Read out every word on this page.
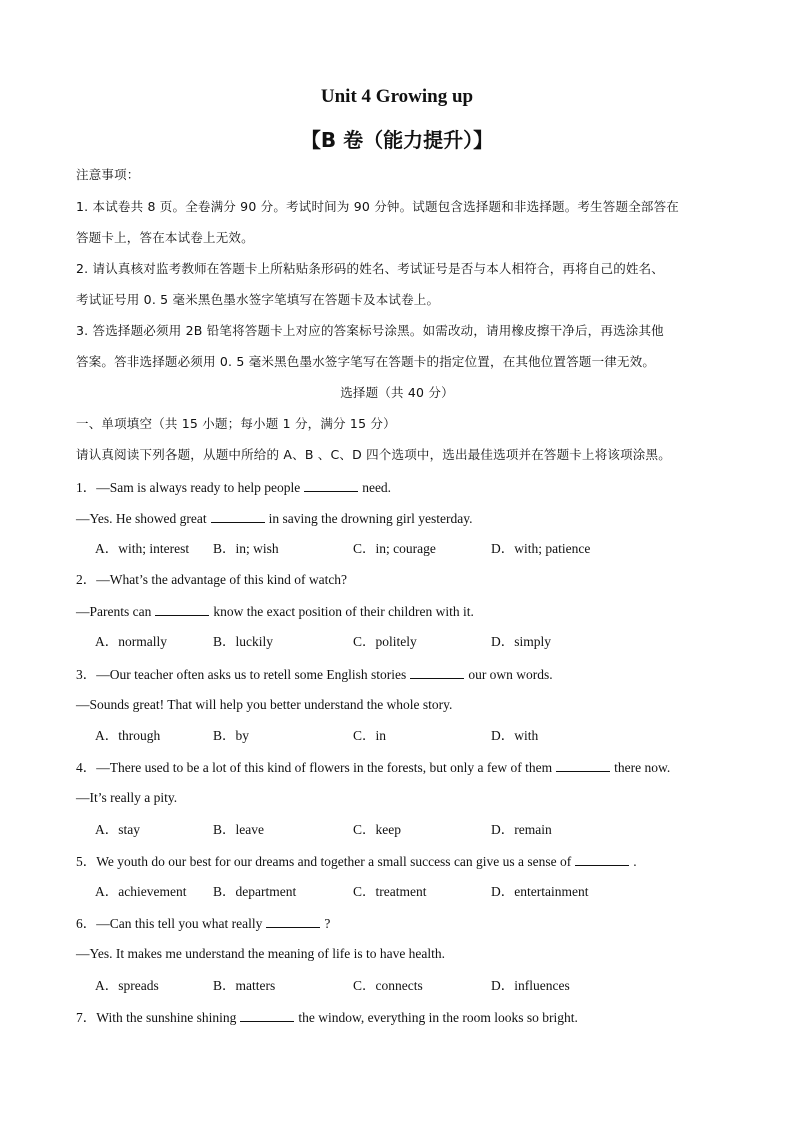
Unit 4 Growing up
【B 卷（能力提升）】
注意事项：
1. 本试卷共 8 页。全卷满分 90 分。考试时间为 90 分钟。试题包含选择题和非选择题。考生答题全部答在
答题卡上，答在本试卷上无效。
2. 请认真核对监考教师在答题卡上所粘贴条形码的姓名、考试证号是否与本人相符合，再将自己的姓名、
考试证号用 0. 5 毫米黑色墨水签字笔填写在答题卡及本试卷上。
3. 答选择题必须用 2B 铅笔将答题卡上对应的答案标号涂黑。如需改动，请用橡皮擦干净后，再选涂其他
答案。答非选择题必须用 0. 5 毫米黑色墨水签字笔写在答题卡的指定位置，在其他位置答题一律无效。
选择题（共 40 分）
一、单项填空（共 15 小题；每小题 1 分，满分 15 分）
请认真阅读下列各题，从题中所给的 A、B 、C、D 四个选项中，选出最佳选项并在答题卡上将该项涂黑。
1．—Sam is always ready to help people	need.
—Yes. He showed great	in saving the drowning girl yesterday.
A．with; interest B．in; wish	C．in; courage	D．with; patience
2．—What’s the advantage of this kind of watch?
—Parents can	know the exact position of their children with it.
A．normally	B．luckily	C．politely	D．simply
3．—Our teacher often asks us to retell some English stories	our own words.
—Sounds great! That will help you better understand the whole story.
A．through	B．by	C．in	D．with
4．—There used to be a lot of this kind of flowers in the forests, but only a few of them	there now.
—It’s really a pity.
A．stay	B．leave	C．keep	D．remain
5．We youth do our best for our dreams and together a small success can give us a sense of	.
A．achievement B．department	C．treatment	D．entertainment
6．—Can this tell you what really	?
—Yes. It makes me understand the meaning of life is to have health.
A．spreads	B．matters	C．connects	D．influences
7．With the sunshine shining	the window, everything in the room looks so bright.
